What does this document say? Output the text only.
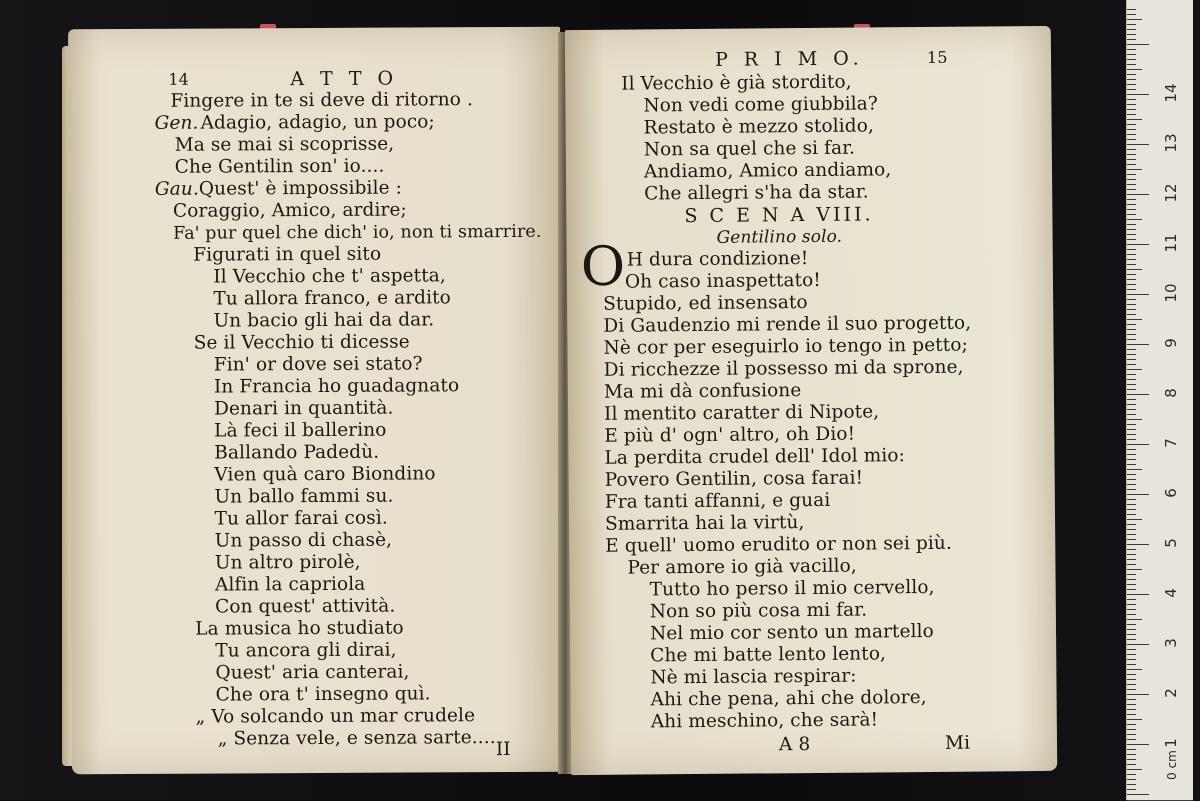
14	A T T O
Fingere in te si deve di ritorno .
Gen. Adagio, adagio, un poco;
Ma se mai si scoprisse,
Che Gentilin son' io....
Gau. Quest' è impossibile :
Coraggio, Amico, ardire;
Fa' pur quel che dich' io, non ti smarrire.
Figurati in quel sito
Il Vecchio che t' aspetta,
Tu allora franco, e ardito
Un bacio gli hai da dar.
Se il Vecchio ti dicesse
Fin' or dove sei stato?
In Francia ho guadagnato
Denari in quantità.
Là feci il ballerino
Ballando Padedù.
Vien quà caro Biondino
Un ballo fammi su.
Tu allor farai così.
Un passo di chasè,
Un altro pirolè,
Alfin la capriola
Con quest' attività.
La musica ho studiato
Tu ancora gli dirai,
Quest' aria canterai,
Che ora t' insegno quì.
„ Vo solcando un mar crudele
„ Senza vele, e senza sarte....
II
P R I M O.	15
Il Vecchio è già stordito,
Non vedi come giubbila?
Restato è mezzo stolido,
Non sa quel che si far.
Andiamo, Amico andiamo,
Che allegri s'ha da star.
S C E N A VIII.
Gentilino solo.
O H dura condizione!
Oh caso inaspettato!
Stupido, ed insensato
Di Gaudenzio mi rende il suo progetto,
Nè cor per eseguirlo io tengo in petto;
Di ricchezze il possesso mi da sprone,
Ma mi dà confusione
Il mentito caratter di Nipote,
E più d' ogn' altro, oh Dio!
La perdita crudel dell' Idol mio:
Povero Gentilin, cosa farai!
Fra tanti affanni, e guai
Smarrita hai la virtù,
E quell' uomo erudito or non sei più.
Per amore io già vacillo,
Tutto ho perso il mio cervello,
Non so più cosa mi far.
Nel mio cor sento un martello
Che mi batte lento lento,
Nè mi lascia respirar:
Ahi che pena, ahi che dolore,
Ahi meschino, che sarà!
A 8	Mi
0 cm
1
2
3
4
5
6
7
8
9
10
11
12
13
14
